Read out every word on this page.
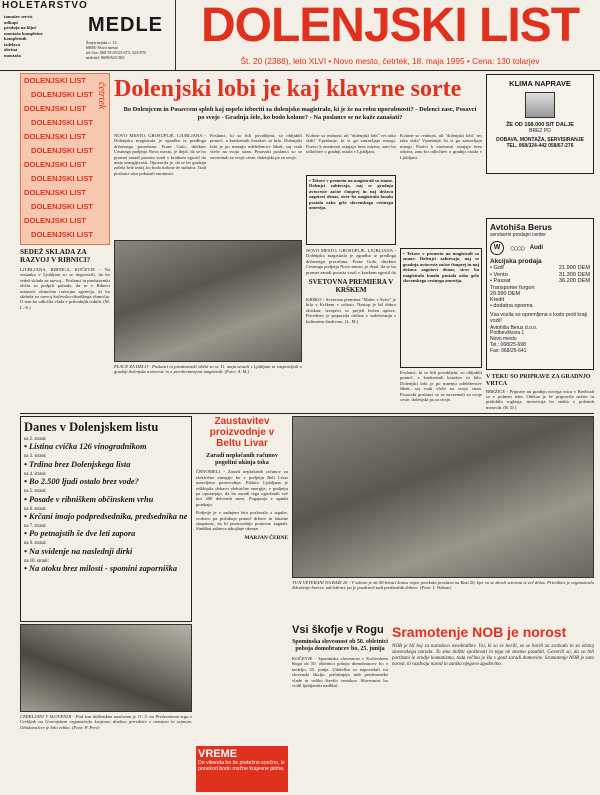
HOLETARSTVO
tamašev servis
odkupi
prodaja na ključ
montaža kompletne
kompletnih
izdelava
obrtna
montaža
MEDLE
Šenjernejska c. 13
68000 Novo mesto
tel./fax: 068 58 65/23-673, 323-870
mobitel: 0609/623-585
DOLENJSKI LIST
Št. 20 (2388), leto XLVI • Novo mesto, četrtek, 18. maja 1995 • Cena: 130 tolarjev
DOLENJSKI LIST
DOLENJSKI LIST
DOLENJSKI LIST
DOLENJSKI LIST
DOLENJSKI LIST
DOLENJSKI LIST
DOLENJSKI LIST
DOLENJSKI LIST
DOLENJSKI LIST
DOLENJSKI LIST
DOLENJSKI LIST
DOLENJSKI LIST
četrtek
SEDEŽ SKLADA ZA RAZVOJ V RIBNICI?
LJUBLJANA, RIBNICA, KOČEVJE - Na sestanku v Ljubljani so se dogovorili, da bo sedež sklada za razvoj... Poslanci in predstavniki občin so podprli pobudo, da se v Ribnici ustanovi območna razvojna agencija, ki bo skrbela za razvoj kočevsko-ribniškega območja. O tem bo odločila vlada v prihodnjih tednih. (M. L.-S.)
Dolenjski lobi je kaj klavrne sorte
Bo Dolenjcem in Posavcem sploh kaj uspelo izboriti za dolenjsko magistralo, ki je že na robu uporabnosti? - Dolenci zase, Posavci po svoje - Gradnja šele, ko bodo kolone? - Na poslance se ne kaže zanašati?
NOVO MESTO, GROSUPLJE, LJUBLJANA - Dolenjska magistrala je zgradba iz predloga državnega proračuna. Franc Golo, direktor Cestnega podjetja Novo mesto, je dejal, da se bo promet zaradi porasta vozil v kratkem zgostil do meje zmogljivosti. Opozorila je, da se bo gradnja začela šele tedaj, ko bodo kolone že stalnica. Tudi poslanci niso pokazali enotnosti.
Poslanci, ki so bili povabljeni, so obljubili pomoč, a konkretnih korakov ni bilo. Dolenjski lobi je po mnenju udeležencev šibek, saj vsak vleče na svojo stran. Posavski poslanci so se zavzemali za svoje ceste, dolenjski pa za svoje.
PLACE ZA DELO - Poslanci in predstavniki občin so se 11. maja sestali v Ljubljani in razpravljali o gradnji dolenjske avtoceste in o preobremenjeni magistrali. (Foto: A. M.)
Kolone so realnost, ali "dolenjski lobi" res tako slab? Vprašanje, ki si ga zastavljajo mnogi. Pozivi k enotnosti ostajajo brez odziva, zato bo odločitev o gradnji ostala v Ljubljani.
• Težave v prometu na magistrali so znane. Dolenjci zahtevajo, naj se gradnja avtoceste začne čimprej in naj država zagotovi denar, sicer bo magistrala kmalu postala ozko grlo slovenskega cestnega omrežja.
NOVO MESTO, GROSUPLJE, LJUBLJANA - Dolenjska magistrala je zgradba iz predloga državnega proračuna. Franc Golo, direktor Cestnega podjetja Novo mesto, je dejal, da se bo promet zaradi porasta vozil v kratkem zgostil do
SVETOVNA PREMIERA V KRŠKEM
KRŠKO - Svetovna premiera "Malec v Švici" je bila v Krškem v soboto. Nastop je bil dobro obiskan; izvajalci so prejeli bučen aplavz. Prireditev je pripravila občina v sodelovanju s kulturnim društvom. (L. M.)
Kolone so realnost, ali "dolenjski lobi" res tako slab? Vprašanje, ki si ga zastavljajo mnogi. Pozivi k enotnosti ostajajo brez odziva, zato bo odločitev o gradnji ostala v Ljubljani.
• Težave v prometu na magistrali so znane. Dolenjci zahtevajo, naj se gradnja avtoceste začne čimprej in naj država zagotovi denar, sicer bo magistrala kmalu postala ozko grlo slovenskega cestnega omrežja.
Poslanci, ki so bili povabljeni, so obljubili pomoč, a konkretnih korakov ni bilo. Dolenjski lobi je po mnenju udeležencev šibek, saj vsak vleče na svojo stran. Posavski poslanci so se zavzemali za svoje ceste, dolenjski pa za svoje.
KLIMA NAPRAVE
ŽE OD 168.000 SIT DALJE
BREZ PD
DOBAVA, MONTAŽA, SERVISIRANJE
TEL. 068/324-442 058/67-276
Avtohiša Berus
serviserni prodajni center
W	○○○○ Audi
Akcijska prodaja
• Golf	21.990 DEM
• Vento	31.300 DEM
• Passat	36.200 DEM
Transporter furgon
29.990 DEM
Kredit
• dodatna oprema
Vsa vozila so opremljena s kodo proti kraji vozil!
Avtohiša Berus d.o.o.
Podbevškova 1
Novo mesto
Tel.: 068/25-698
Fax: 068/25-641
V TEKU SO PRIPRAVE ZA GRADNJO VRTCA
BREŽICE - Priprave na gradnjo novega vrtca v Brežicah so v polnem teku. Občina je že pripravila načrte in pridobila soglasja, investicija bo stekla v poletnih mesecih. (B. D.)
Danes v Dolenjskem listu
na 2. strani:
• Listina cvička 126 vinogradnikom
na 3. strani:
• Trdina brez Dolenjskega lista
na 4. strani:
• Bo 2.500 ljudi ostalo brez vode?
na 5. strani:
• Posade v ribniškem občinskem vrhu
na 6. strani:
• Krčani imajo podpredsednika, predsednika ne
na 7. strani:
• Po petnajstih še dve leti zapora
na 9. strani:
• Na svidenje na naslednji dirki
na 10. strani:
• Na otoku brez milosti - spomini zaporniška
CERKLJANI V SLOVENIJI - Pod tem dolžinskim naslovom je 11. 5. na Prešernovem trgu v Cerkljah na Gorenjskem organiziralo krajevno društvo prireditev z razstavo in sejmom. Obiskovalcev je bilo veliko. (Foto: P. Perc)
Zaustavitev proizvodnje v Beltu Livar
Zaradi neplačanih računov pogoltni ukinja toka
ČRNOMELJ - Zaradi neplačanih računov za električno energijo bo v podjetju Belt Livar ustavljena proizvodnja. Elektro Ljubljana je odklopila dobavo električne energije, v podjetju pa opozarjajo, da bo zaradi tega ogroženih več kot 200 delovnih mest. Pogajanja z upniki potekajo.
Podjetje je v zadnjem letu poslovalo z izgubo, vodstvo pa pričakuje pomoč države in lokalne skupnosti, da bi proizvodnjo ponovno zagnali. Sindikat zahteva takojšnje ukrepe.
MARJAN ČERNE
VREME
Do vikenda bo še pretežno sončno, le ponekod bodo možne krajevne plohe.
TUJI VETERANI NA BAZI 20 - V soboto je ob 50-letnici konca vojne potekala proslava na Bazi 20, kjer so se zbrali veterani iz več držav. Prireditev je organiziralo Združenje borcev, udeležence pa je pozdravil tudi predsednik države. (Foto: I. Vidmar)
Vsi škofje v Rogu
Spominska slovesnost ob 50. obletnici poboja domobrancev bo, 25. junija
KOČEVJE - Spominska slovesnost v Kočevskem Rogu ob 50. obletnici poboja domobrancev bo v nedeljo, 25. junija. Udeležbo so napovedali vsi slovenski škofje, pričakujejo tudi predstavnike vlade in veliko število vernikov. Slovesnost bo vodil ljubljanski nadškof.
Sramotenje NOB je norost
NOB je bil boj za narodovo osvoboditev. Vsi, ki so se borili, so se borili za svobodo in za obstoj slovenskega naroda. To smo dolžni spoštovati in tega ne smemo pozabiti. Govorili so, da so bili partizani le orodje komunizma, toda večina je šla v gozd zaradi domovine. Sramotenje NOB je zato norost, ki razdvaja narod in zanika njegovo zgodovino.
